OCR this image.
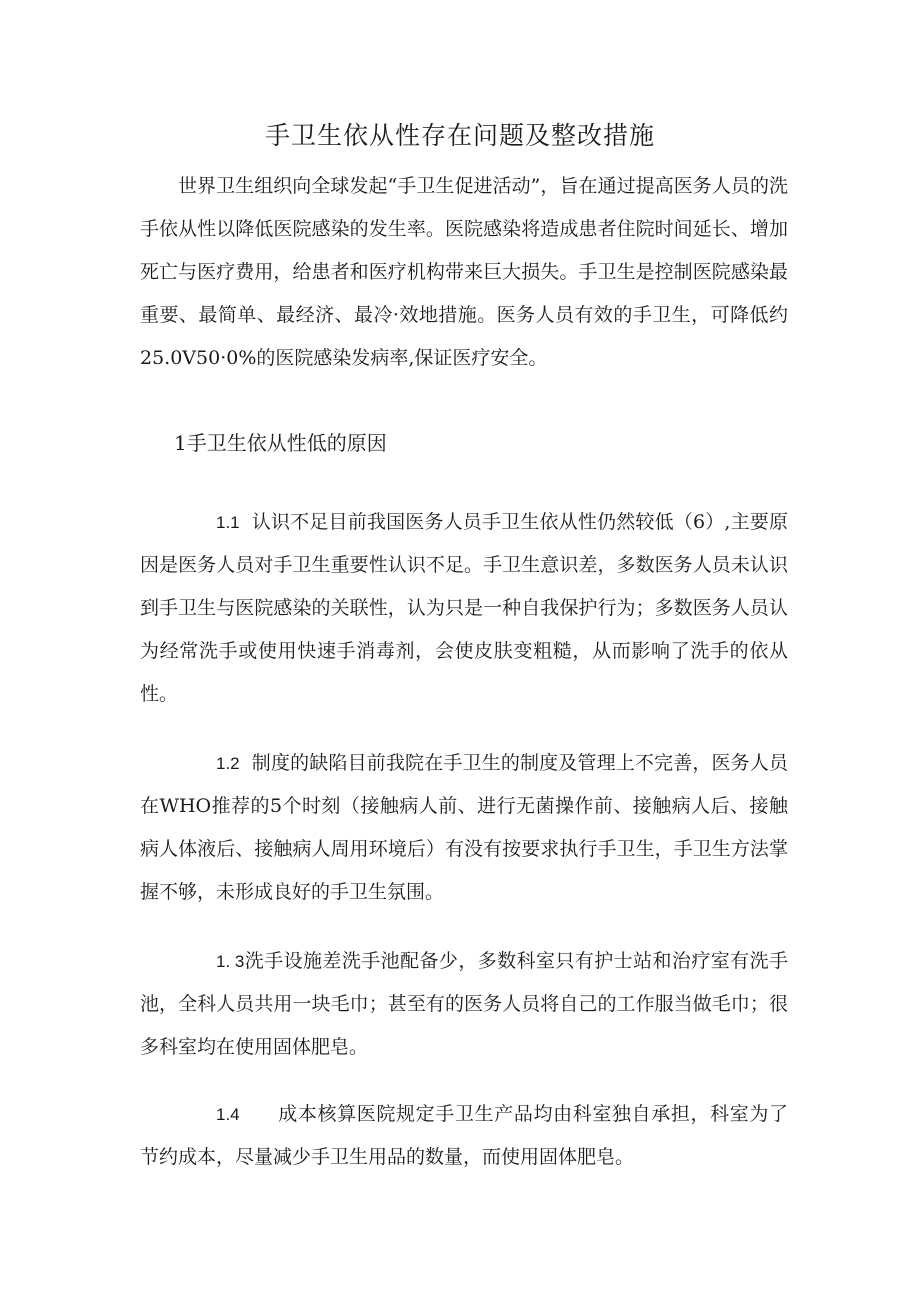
手卫生依从性存在问题及整改措施

世界卫生组织向全球发起“手卫生促进活动”，旨在通过提高医务人员的洗手依从性以降低医院感染的发生率。医院感染将造成患者住院时间延长、增加死亡与医疗费用，给患者和医疗机构带来巨大损失。手卫生是控制医院感染最重要、最简单、最经济、最冷·效地措施。医务人员有效的手卫生，可降低约25.0V50·0%的医院感染发病率,保证医疗安全。

1手卫生依从性低的原因

1.1 认识不足目前我国医务人员手卫生依从性仍然较低（6）,主要原因是医务人员对手卫生重要性认识不足。手卫生意识差，多数医务人员未认识到手卫生与医院感染的关联性，认为只是一种自我保护行为；多数医务人员认为经常洗手或使用快速手消毒剂，会使皮肤变粗糙，从而影响了洗手的依从性。

1.2 制度的缺陷目前我院在手卫生的制度及管理上不完善，医务人员在WHO推荐的5个时刻（接触病人前、进行无菌操作前、接触病人后、接触病人体液后、接触病人周用环境后）有没有按要求执行手卫生，手卫生方法掌握不够，未形成良好的手卫生氛围。

1. 3洗手设施差洗手池配备少，多数科室只有护士站和治疗室有洗手池，全科人员共用一块毛巾；甚至有的医务人员将自己的工作服当做毛巾；很多科室均在使用固体肥皂。

1.4 成本核算医院规定手卫生产品均由科室独自承担，科室为了节约成本，尽量减少手卫生用品的数量，而使用固体肥皂。
